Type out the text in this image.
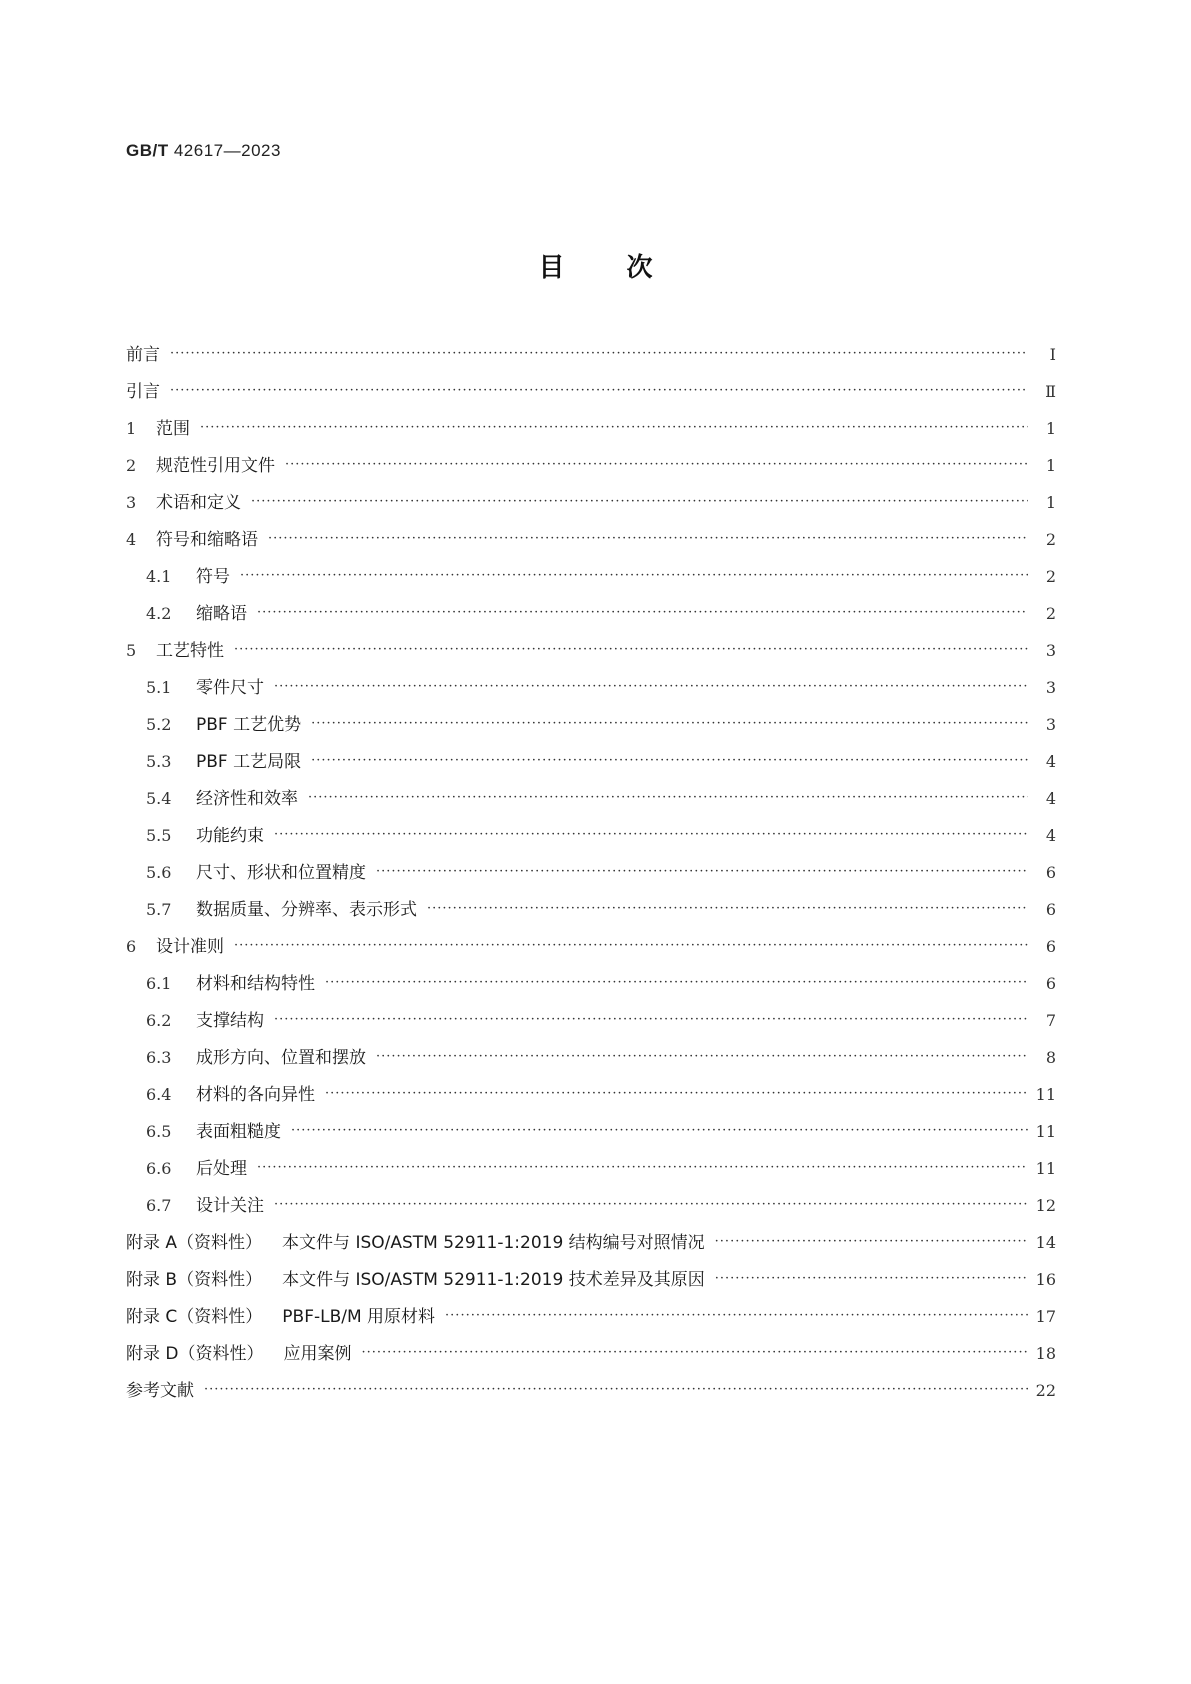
GB/T 42617—2023
目次
前言 ·····	Ⅰ
引言 ·····	Ⅱ
1	范围 ·····	1
2	规范性引用文件 ·····	1
3	术语和定义 ·····	1
4	符号和缩略语 ·····	2
4.1	符号 ·····	2
4.2	缩略语 ·····	2
5	工艺特性 ·····	3
5.1	零件尺寸 ·····	3
5.2	PBF 工艺优势 ·····	3
5.3	PBF 工艺局限 ·····	4
5.4	经济性和效率 ·····	4
5.5	功能约束 ·····	4
5.6	尺寸、形状和位置精度 ·····	6
5.7	数据质量、分辨率、表示形式 ·····	6
6	设计准则 ·····	6
6.1	材料和结构特性 ·····	6
6.2	支撑结构 ·····	7
6.3	成形方向、位置和摆放 ·····	8
6.4	材料的各向异性 ·····	11
6.5	表面粗糙度 ·····	11
6.6	后处理 ·····	11
6.7	设计关注 ·····	12
附录 A（资料性） 本文件与 ISO/ASTM 52911-1:2019 结构编号对照情况 ·····	14
附录 B（资料性） 本文件与 ISO/ASTM 52911-1:2019 技术差异及其原因 ·····	16
附录 C（资料性） PBF-LB/M 用原材料 ·····	17
附录 D（资料性） 应用案例 ·····	18
参考文献 ·····	22
